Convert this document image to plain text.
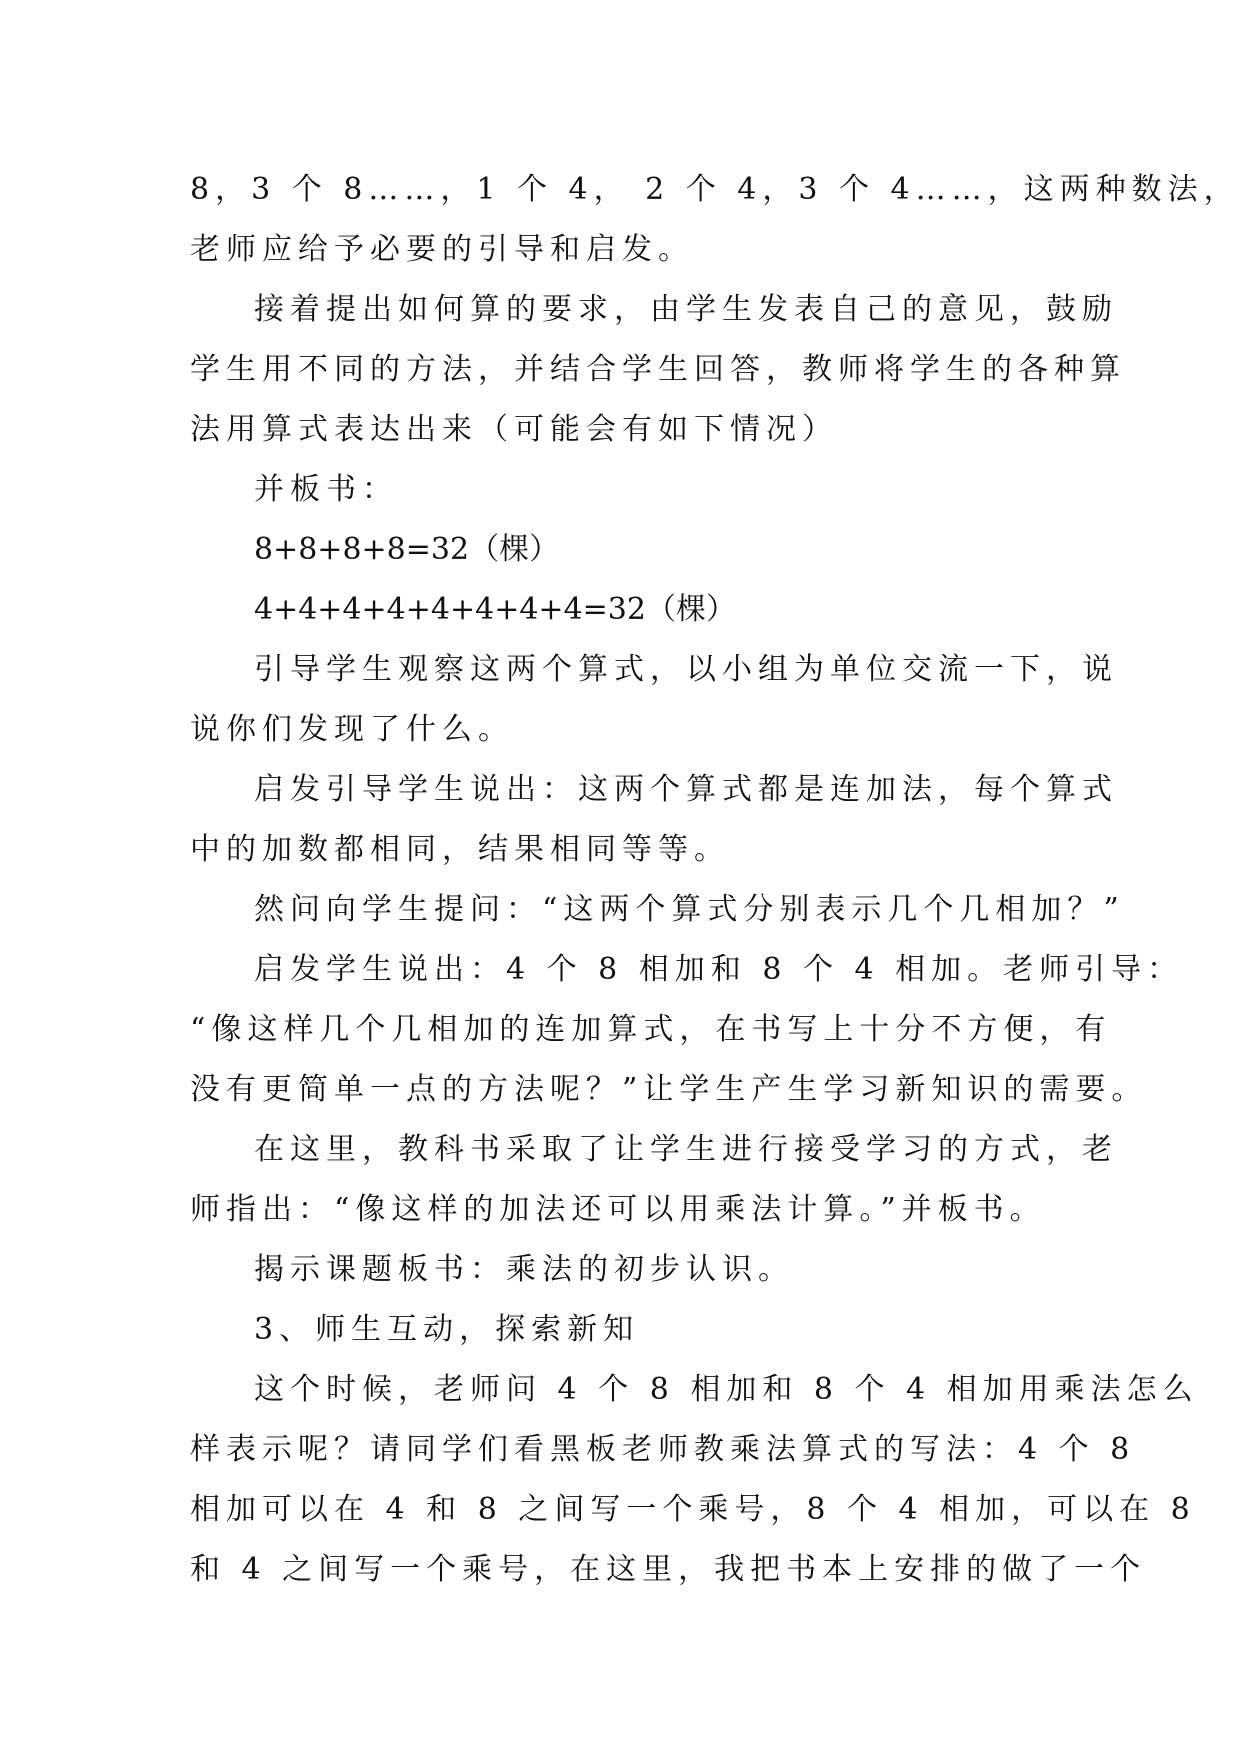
8，3 个 8……，1 个 4， 2 个 4，3 个 4……，这两种数法，
老师应给予必要的引导和启发。
接着提出如何算的要求，由学生发表自己的意见，鼓励
学生用不同的方法，并结合学生回答，教师将学生的各种算
法用算式表达出来（可能会有如下情况）
并板书：
8+8+8+8=32（棵）
4+4+4+4+4+4+4+4=32（棵）
引导学生观察这两个算式，以小组为单位交流一下，说
说你们发现了什么。
启发引导学生说出：这两个算式都是连加法，每个算式
中的加数都相同，结果相同等等。
然问向学生提问：“这两个算式分别表示几个几相加？”
启发学生说出：4 个 8 相加和 8 个 4 相加。老师引导：
“像这样几个几相加的连加算式，在书写上十分不方便，有
没有更简单一点的方法呢？”让学生产生学习新知识的需要。
在这里，教科书采取了让学生进行接受学习的方式，老
师指出：“像这样的加法还可以用乘法计算。”并板书。
揭示课题板书：乘法的初步认识。
3、师生互动，探索新知
这个时候，老师问 4 个 8 相加和 8 个 4 相加用乘法怎么
样表示呢？请同学们看黑板老师教乘法算式的写法：4 个 8
相加可以在 4 和 8 之间写一个乘号，8 个 4 相加，可以在 8
和 4 之间写一个乘号，在这里，我把书本上安排的做了一个
